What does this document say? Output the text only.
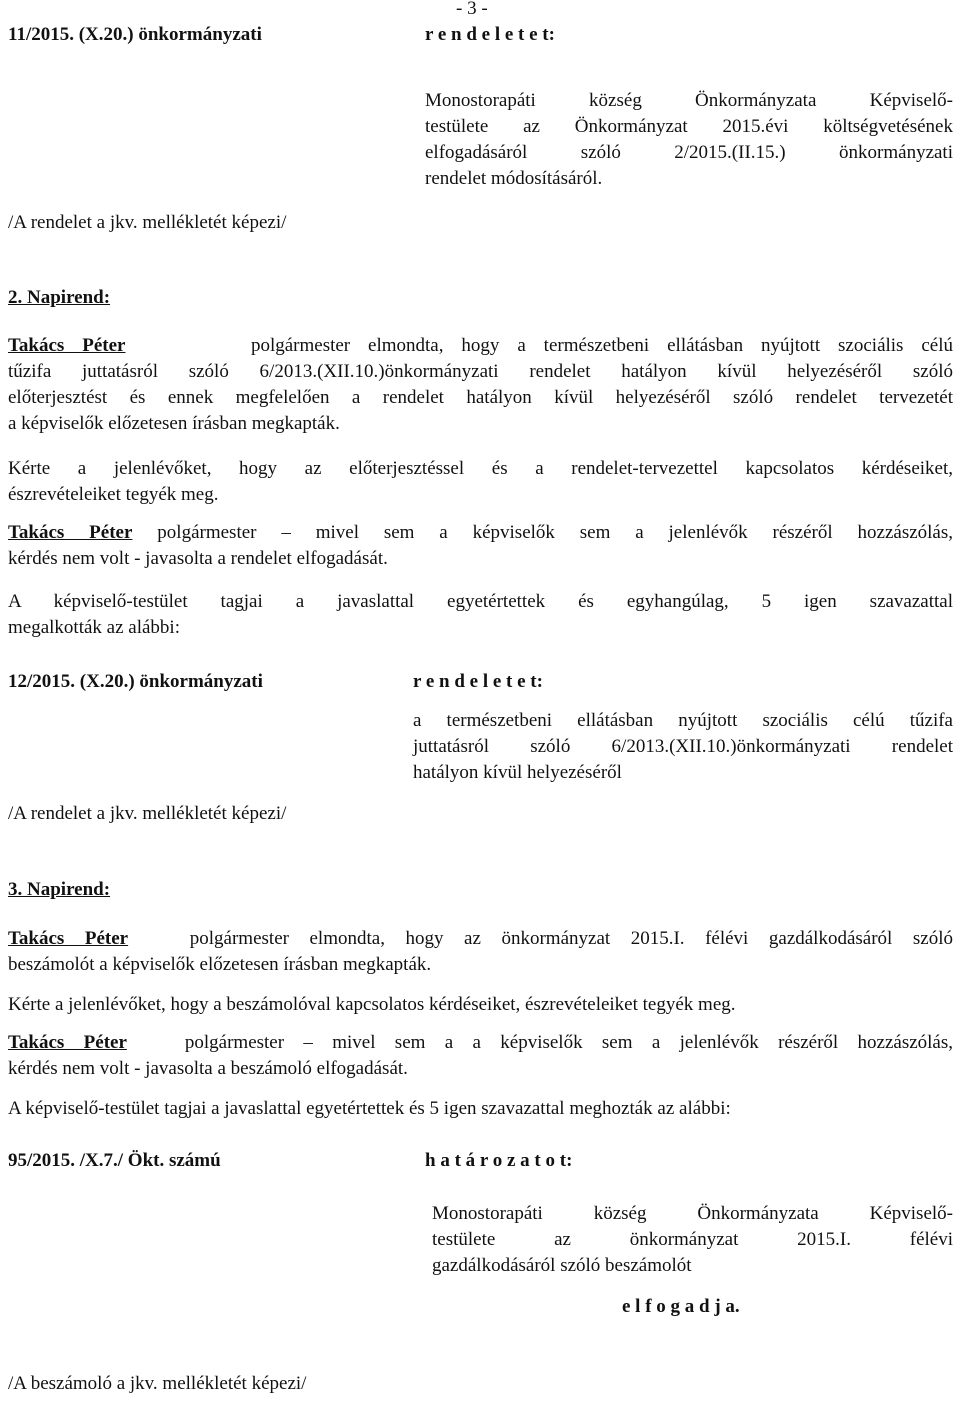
- 3 -
11/2015. (X.20.) önkormányzati	r e n d e l e t e t:
Monostorapáti község Önkormányzata Képviselő-
testülete az Önkormányzat 2015.évi költségvetésének
elfogadásáról szóló 2/2015.(II.15.) önkormányzati
rendelet módosításáról.
/A rendelet a jkv. mellékletét képezi/
2. Napirend:
Takács Péter	polgármester elmondta, hogy a természetbeni ellátásban nyújtott szociális célú
tűzifa juttatásról szóló 6/2013.(XII.10.)önkormányzati rendelet hatályon kívül helyezéséről szóló
előterjesztést és ennek megfelelően a rendelet hatályon kívül helyezéséről szóló rendelet tervezetét
a képviselők előzetesen írásban megkapták.
Kérte a jelenlévőket, hogy az előterjesztéssel és a rendelet-tervezettel kapcsolatos kérdéseiket,
észrevételeiket tegyék meg.
Takács Péter polgármester – mivel sem a képviselők sem a jelenlévők részéről hozzászólás,
kérdés nem volt - javasolta a rendelet elfogadását.
A képviselő-testület tagjai a javaslattal egyetértettek és egyhangúlag, 5 igen szavazattal
megalkották az alábbi:
12/2015. (X.20.) önkormányzati	r e n d e l e t e t:
a természetbeni ellátásban nyújtott szociális célú tűzifa
juttatásról szóló 6/2013.(XII.10.)önkormányzati rendelet
hatályon kívül helyezéséről
/A rendelet a jkv. mellékletét képezi/
3. Napirend:
Takács Péter	polgármester elmondta, hogy az önkormányzat 2015.I. félévi gazdálkodásáról szóló
beszámolót a képviselők előzetesen írásban megkapták.
Kérte a jelenlévőket, hogy a beszámolóval kapcsolatos kérdéseiket, észrevételeiket tegyék meg.
Takács Péter	polgármester – mivel sem a a képviselők sem a jelenlévők részéről hozzászólás,
kérdés nem volt - javasolta a beszámoló elfogadását.
A képviselő-testület tagjai a javaslattal egyetértettek és 5 igen szavazattal meghozták az alábbi:
95/2015. /X.7./ Ökt. számú	h a t á r o z a t o t:
Monostorapáti község Önkormányzata Képviselő-
testülete az önkormányzat 2015.I. félévi
gazdálkodásáról szóló beszámolót
e l f o g a d j a.
/A beszámoló a jkv. mellékletét képezi/
